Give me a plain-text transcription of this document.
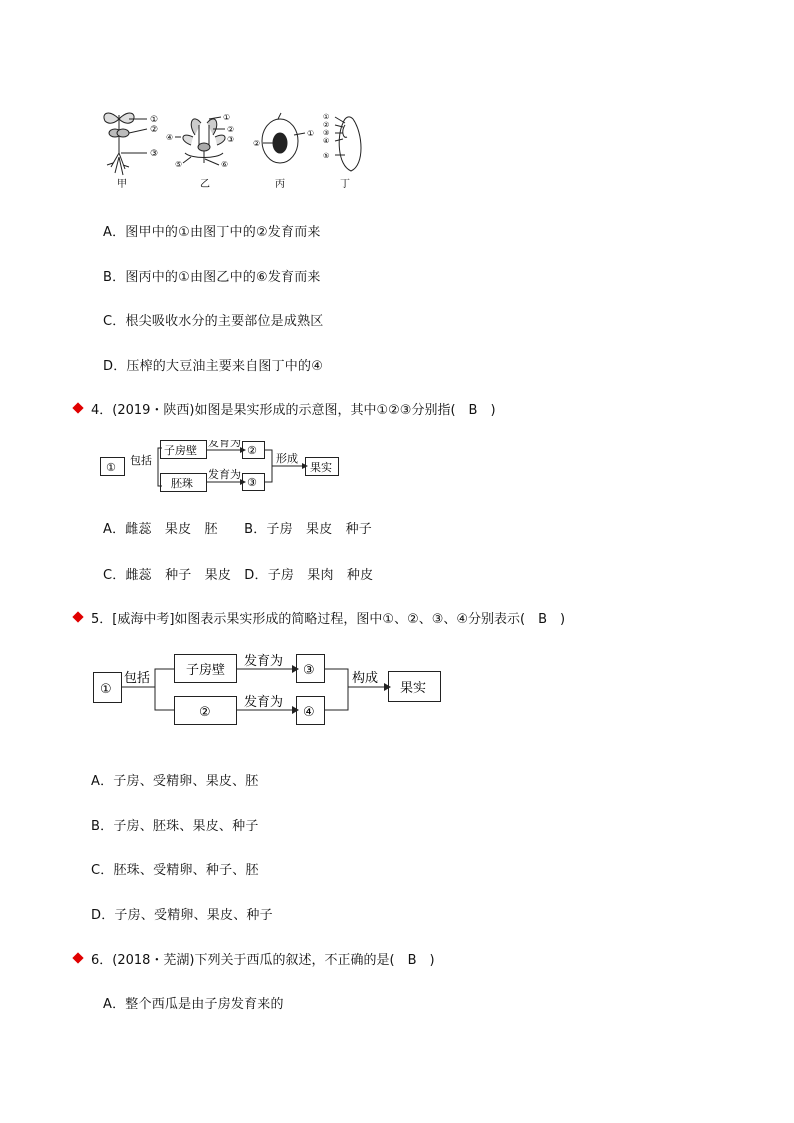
①
②
③
①
②
③
④
⑤	⑥
②
①
①
②
③
④
⑤
甲	乙	丙	丁
A．图甲中的①由图丁中的②发育而来
B．图丙中的①由图乙中的⑥发育而来
C．根尖吸收水分的主要部位是成熟区
D．压榨的大豆油主要来自图丁中的④
4．(2019・陕西)如图是果实形成的示意图，其中①②③分别指(　B　)
①
包括
子房壁
胚珠
发育为
发育为
②
③
形成
果实
A．雌蕊　果皮　胚　　B．子房　果皮　种子
C．雌蕊　种子　果皮　D．子房　果肉　种皮
5．[威海中考]如图表示果实形成的简略过程，图中①、②、③、④分别表示(　B　)
①
包括
子房壁
②
发育为
发育为
③
④
构成
果实
A．子房、受精卵、果皮、胚
B．子房、胚珠、果皮、种子
C．胚珠、受精卵、种子、胚
D．子房、受精卵、果皮、种子
6．(2018・芜湖)下列关于西瓜的叙述，不正确的是(　B　)
A．整个西瓜是由子房发育来的
